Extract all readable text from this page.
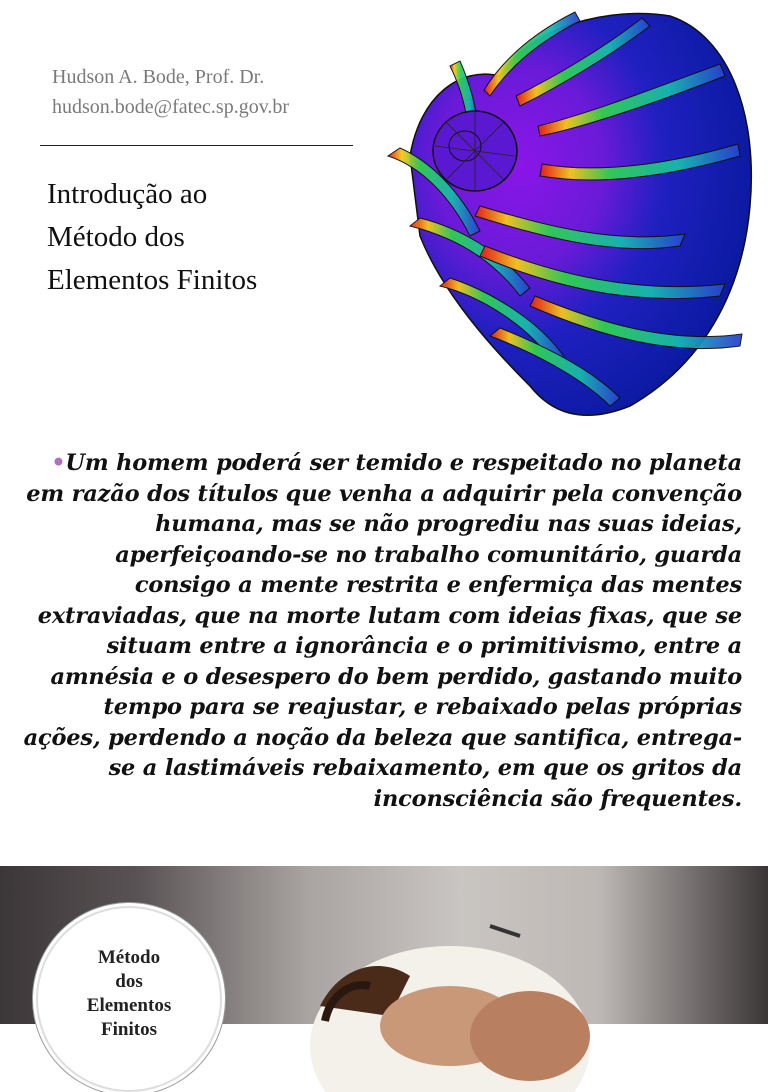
Hudson A. Bode, Prof. Dr.
hudson.bode@fatec.sp.gov.br
Introdução ao
Método dos
Elementos Finitos
•Um homem poderá ser temido e respeitado no planeta em razão dos títulos que venha a adquirir pela convenção humana, mas se não progrediu nas suas ideias, aperfeiçoando-se no trabalho comunitário, guarda consigo a mente restrita e enfermiça das mentes extraviadas, que na morte lutam com ideias fixas, que se situam entre a ignorância e o primitivismo, entre a amnésia e o desespero do bem perdido, gastando muito tempo para se reajustar, e rebaixado pelas próprias ações, perdendo a noção da beleza que santifica, entrega-se a lastimáveis rebaixamento, em que os gritos da inconsciência são frequentes.
Método
dos
Elementos
Finitos
